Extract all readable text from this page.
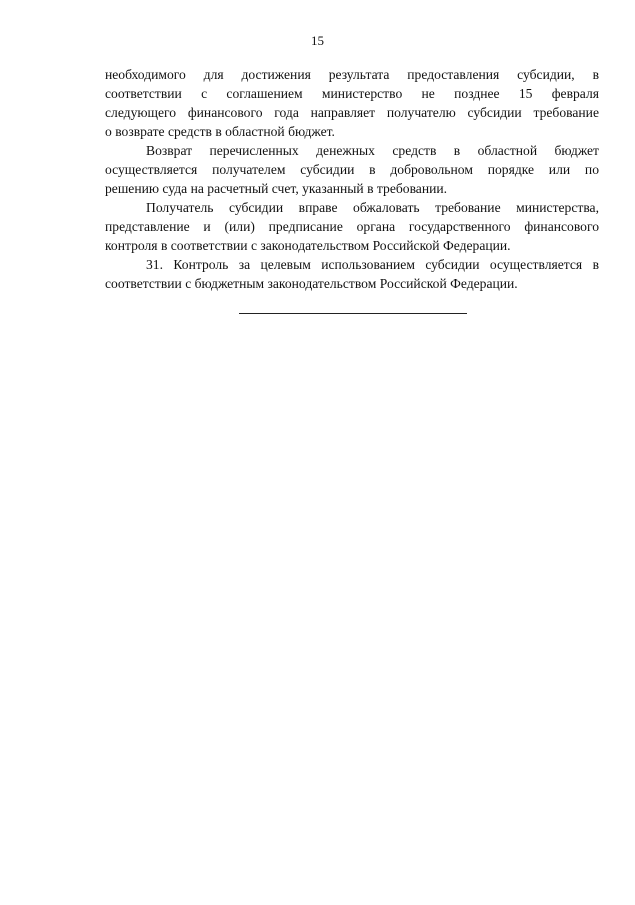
15

необходимого для достижения результата предоставления субсидии, в
соответствии с соглашением министерство не позднее 15 февраля
следующего финансового года направляет получателю субсидии требование
о возврате средств в областной бюджет.

Возврат перечисленных денежных средств в областной бюджет
осуществляется получателем субсидии в добровольном порядке или по
решению суда на расчетный счет, указанный в требовании.

Получатель субсидии вправе обжаловать требование министерства,
представление и (или) предписание органа государственного финансового
контроля в соответствии с законодательством Российской Федерации.

31. Контроль за целевым использованием субсидии осуществляется в
соответствии с бюджетным законодательством Российской Федерации.
